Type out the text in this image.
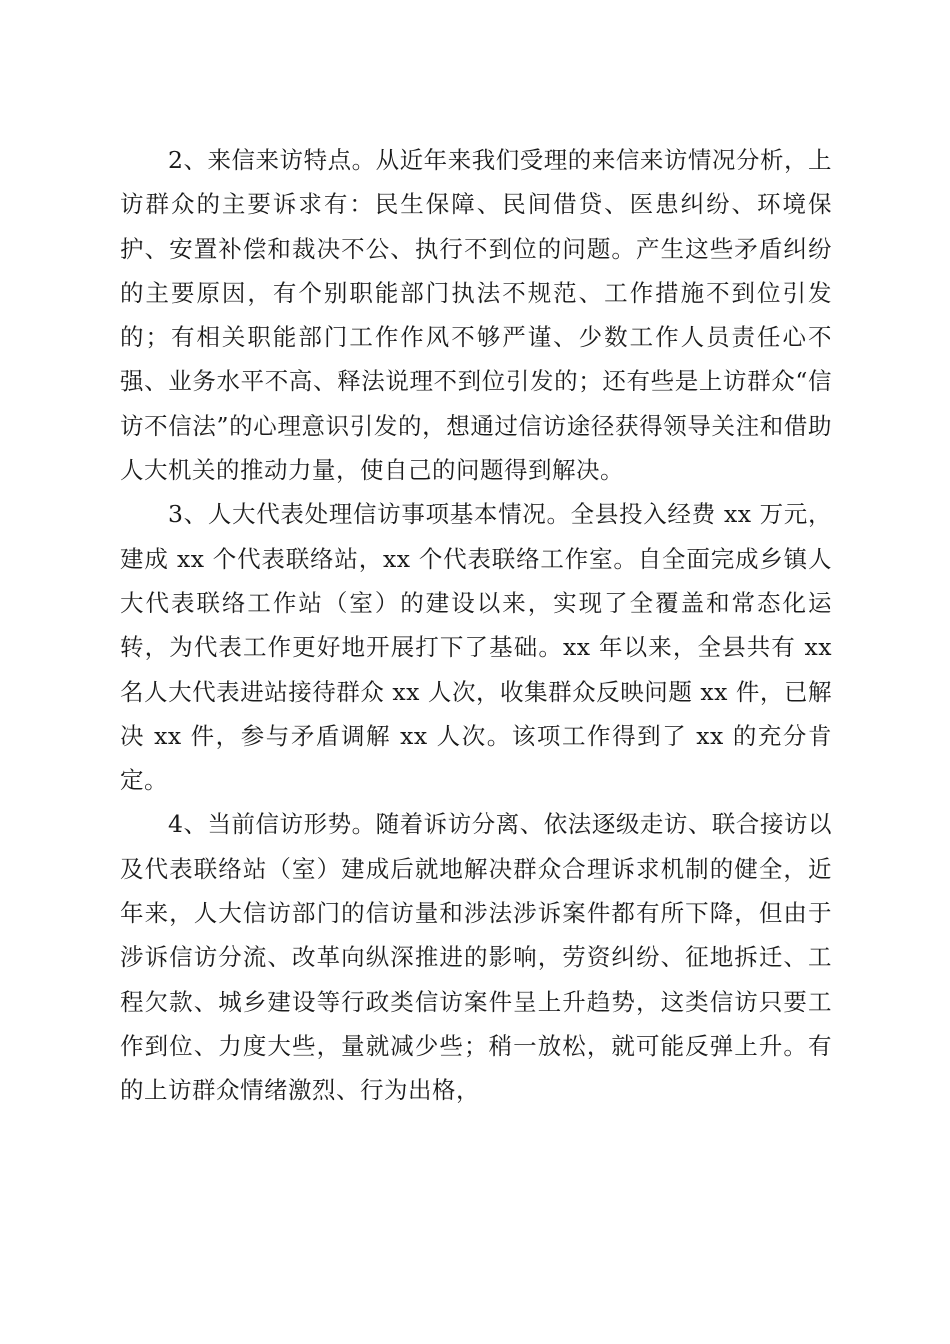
2、来信来访特点。从近年来我们受理的来信来访情况分析，上访群众的主要诉求有：民生保障、民间借贷、医患纠纷、环境保护、安置补偿和裁决不公、执行不到位的问题。产生这些矛盾纠纷的主要原因，有个别职能部门执法不规范、工作措施不到位引发的；有相关职能部门工作作风不够严谨、少数工作人员责任心不强、业务水平不高、释法说理不到位引发的；还有些是上访群众“信访不信法”的心理意识引发的，想通过信访途径获得领导关注和借助人大机关的推动力量，使自己的问题得到解决。

3、人大代表处理信访事项基本情况。全县投入经费 xx 万元，建成 xx 个代表联络站，xx 个代表联络工作室。自全面完成乡镇人大代表联络工作站（室）的建设以来，实现了全覆盖和常态化运转，为代表工作更好地开展打下了基础。xx 年以来，全县共有 xx 名人大代表进站接待群众 xx 人次，收集群众反映问题 xx 件，已解决 xx 件，参与矛盾调解 xx 人次。该项工作得到了 xx 的充分肯定。

4、当前信访形势。随着诉访分离、依法逐级走访、联合接访以及代表联络站（室）建成后就地解决群众合理诉求机制的健全，近年来，人大信访部门的信访量和涉法涉诉案件都有所下降，但由于涉诉信访分流、改革向纵深推进的影响，劳资纠纷、征地拆迁、工程欠款、城乡建设等行政类信访案件呈上升趋势，这类信访只要工作到位、力度大些，量就减少些；稍一放松，就可能反弹上升。有的上访群众情绪激烈、行为出格，
